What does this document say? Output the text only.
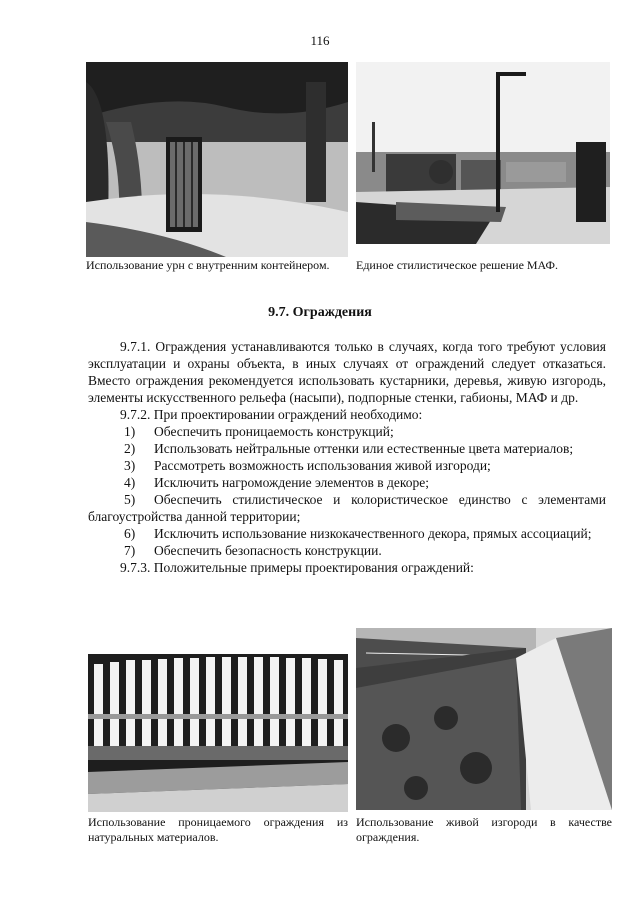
116
Использование урн с внутренним контейнером.	Единое стилистическое решение МАФ.
9.7. Ограждения

9.7.1. Ограждения устанавливаются только в случаях, когда того требуют условия эксплуатации и охраны объекта, в иных случаях от ограждений следует отказаться. Вместо ограждения рекомендуется использовать кустарники, деревья, живую изгородь, элементы искусственного рельефа (насыпи), подпорные стенки, габионы, МАФ и др.

9.7.2. При проектировании ограждений необходимо:

1) Обеспечить проницаемость конструкций;

2) Использовать нейтральные оттенки или естественные цвета материалов;

3) Рассмотреть возможность использования живой изгороди;

4) Исключить нагромождение элементов в декоре;

5) Обеспечить стилистическое и колористическое единство с элементами благоустройства данной территории;

6) Исключить использование низкокачественного декора, прямых ассоциаций;

7) Обеспечить безопасность конструкции.

9.7.3. Положительные примеры проектирования ограждений:

Использование проницаемого ограждения из натуральных материалов.
Использование живой изгороди в качестве ограждения.
